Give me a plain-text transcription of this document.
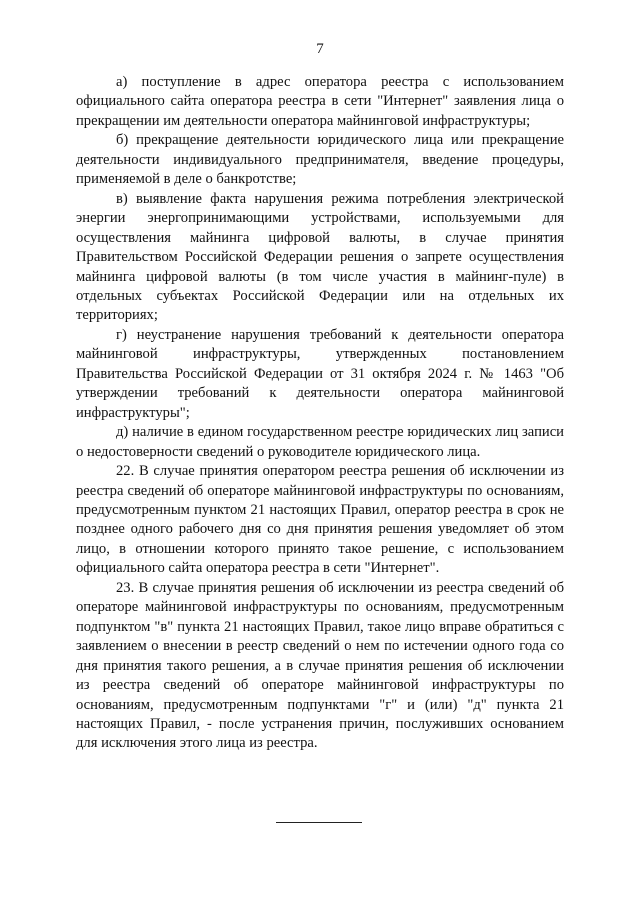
7

а) поступление в адрес оператора реестра с использованием официального сайта оператора реестра в сети "Интернет" заявления лица о прекращении им деятельности оператора майнинговой инфраструктуры;

б) прекращение деятельности юридического лица или прекращение деятельности индивидуального предпринимателя, введение процедуры, применяемой в деле о банкротстве;

в) выявление факта нарушения режима потребления электрической энергии энергопринимающими устройствами, используемыми для осуществления майнинга цифровой валюты, в случае принятия Правительством Российской Федерации решения о запрете осуществления майнинга цифровой валюты (в том числе участия в майнинг-пуле) в отдельных субъектах Российской Федерации или на отдельных их территориях;

г) неустранение нарушения требований к деятельности оператора майнинговой инфраструктуры, утвержденных постановлением Правительства Российской Федерации от 31 октября 2024 г. № 1463 "Об утверждении требований к деятельности оператора майнинговой инфраструктуры";

д) наличие в едином государственном реестре юридических лиц записи о недостоверности сведений о руководителе юридического лица.

22. В случае принятия оператором реестра решения об исключении из реестра сведений об операторе майнинговой инфраструктуры по основаниям, предусмотренным пунктом 21 настоящих Правил, оператор реестра в срок не позднее одного рабочего дня со дня принятия решения уведомляет об этом лицо, в отношении которого принято такое решение, с использованием официального сайта оператора реестра в сети "Интернет".

23. В случае принятия решения об исключении из реестра сведений об операторе майнинговой инфраструктуры по основаниям, предусмотренным подпунктом "в" пункта 21 настоящих Правил, такое лицо вправе обратиться с заявлением о внесении в реестр сведений о нем по истечении одного года со дня принятия такого решения, а в случае принятия решения об исключении из реестра сведений об операторе майнинговой инфраструктуры по основаниям, предусмотренным подпунктами "г" и (или) "д" пункта 21 настоящих Правил, - после устранения причин, послуживших основанием для исключения этого лица из реестра.
